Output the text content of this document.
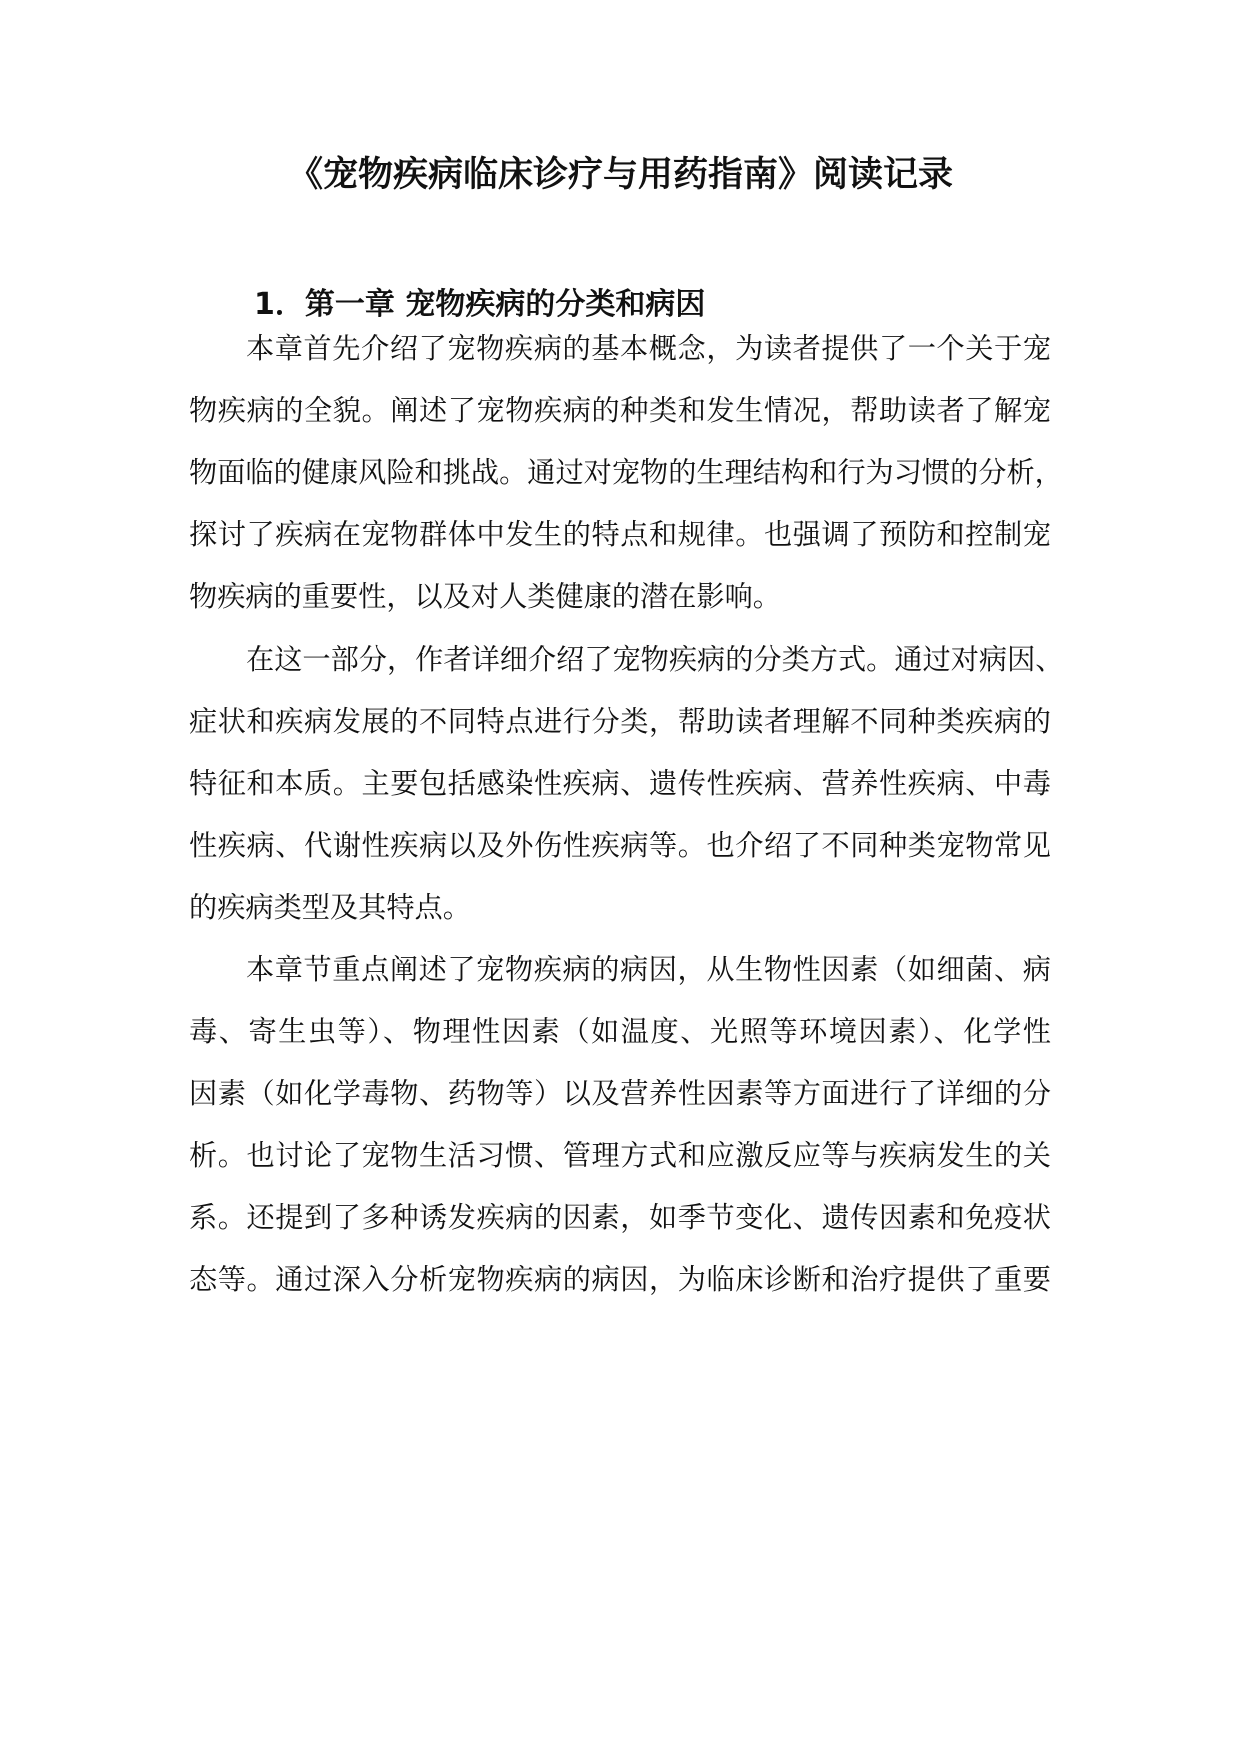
《宠物疾病临床诊疗与用药指南》阅读记录
1．第一章 宠物疾病的分类和病因
本章首先介绍了宠物疾病的基本概念，为读者提供了一个关于宠
物疾病的全貌。阐述了宠物疾病的种类和发生情况，帮助读者了解宠
物面临的健康风险和挑战。通过对宠物的生理结构和行为习惯的分析，
探讨了疾病在宠物群体中发生的特点和规律。也强调了预防和控制宠
物疾病的重要性，以及对人类健康的潜在影响。
在这一部分，作者详细介绍了宠物疾病的分类方式。通过对病因、
症状和疾病发展的不同特点进行分类，帮助读者理解不同种类疾病的
特征和本质。主要包括感染性疾病、遗传性疾病、营养性疾病、中毒
性疾病、代谢性疾病以及外伤性疾病等。也介绍了不同种类宠物常见
的疾病类型及其特点。
本章节重点阐述了宠物疾病的病因，从生物性因素（如细菌、病
毒、寄生虫等）、物理性因素（如温度、光照等环境因素）、化学性
因素（如化学毒物、药物等）以及营养性因素等方面进行了详细的分
析。也讨论了宠物生活习惯、管理方式和应激反应等与疾病发生的关
系。还提到了多种诱发疾病的因素，如季节变化、遗传因素和免疫状
态等。通过深入分析宠物疾病的病因，为临床诊断和治疗提供了重要
